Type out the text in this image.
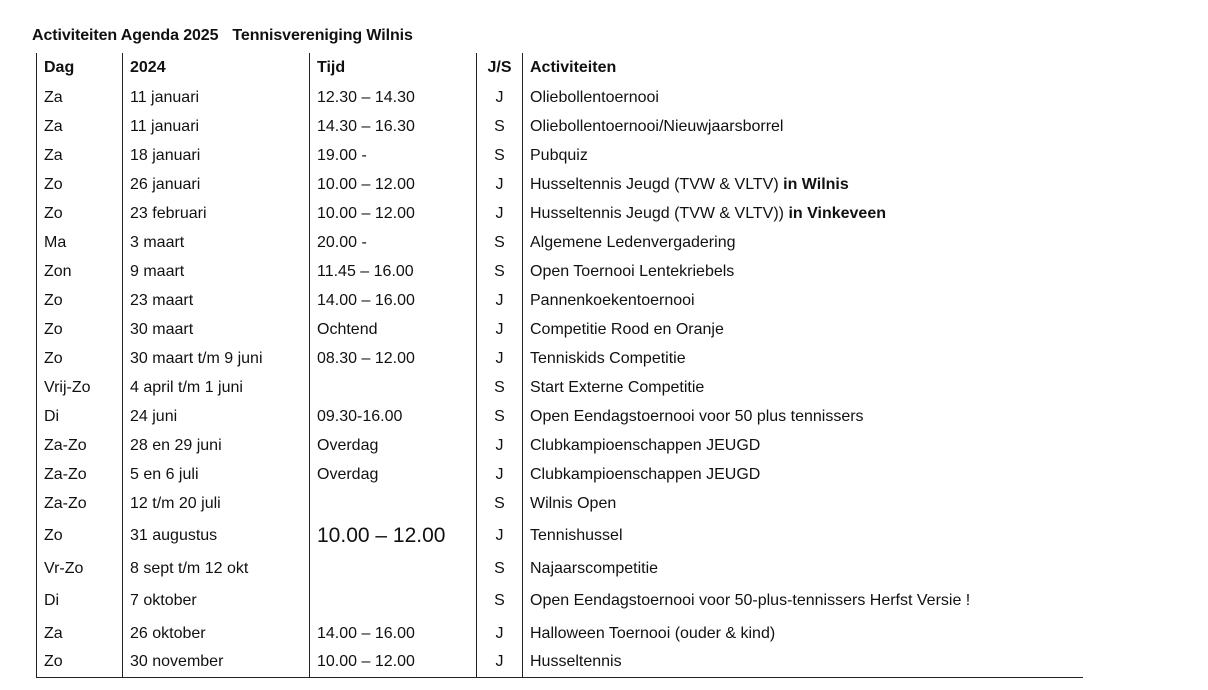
Activiteiten Agenda 2025 Tennisvereniging Wilnis
Dag	2024	Tijd	J/S	Activiteiten
Za	11 januari	12.30 – 14.30	J	Oliebollentoernooi
Za	11 januari	14.30 – 16.30	S	Oliebollentoernooi/Nieuwjaarsborrel
Za	18 januari	19.00 -	S	Pubquiz
Zo	26 januari	10.00 – 12.00	J	Husseltennis Jeugd (TVW & VLTV) in Wilnis
Zo	23 februari	10.00 – 12.00	J	Husseltennis Jeugd (TVW & VLTV)) in Vinkeveen
Ma	3 maart	20.00 -	S	Algemene Ledenvergadering
Zon	9 maart	11.45 – 16.00	S	Open Toernooi Lentekriebels
Zo	23 maart	14.00 – 16.00	J	Pannenkoekentoernooi
Zo	30 maart	Ochtend	J	Competitie Rood en Oranje
Zo	30 maart t/m 9 juni	08.30 – 12.00	J	Tenniskids Competitie
Vrij-Zo	4 april t/m 1 juni		S	Start Externe Competitie
Di	24 juni	09.30-16.00	S	Open Eendagstoernooi voor 50 plus tennissers
Za-Zo	28 en 29 juni	Overdag	J	Clubkampioenschappen JEUGD
Za-Zo	5 en 6 juli	Overdag	J	Clubkampioenschappen JEUGD
Za-Zo	12 t/m 20 juli		S	Wilnis Open
Zo	31 augustus	10.00 – 12.00	J	Tennishussel
Vr-Zo	8 sept t/m 12 okt		S	Najaarscompetitie
Di	7 oktober		S	Open Eendagstoernooi voor 50-plus-tennissers Herfst Versie !
Za	26 oktober	14.00 – 16.00	J	Halloween Toernooi (ouder & kind)
Zo	30 november	10.00 – 12.00	J	Husseltennis
